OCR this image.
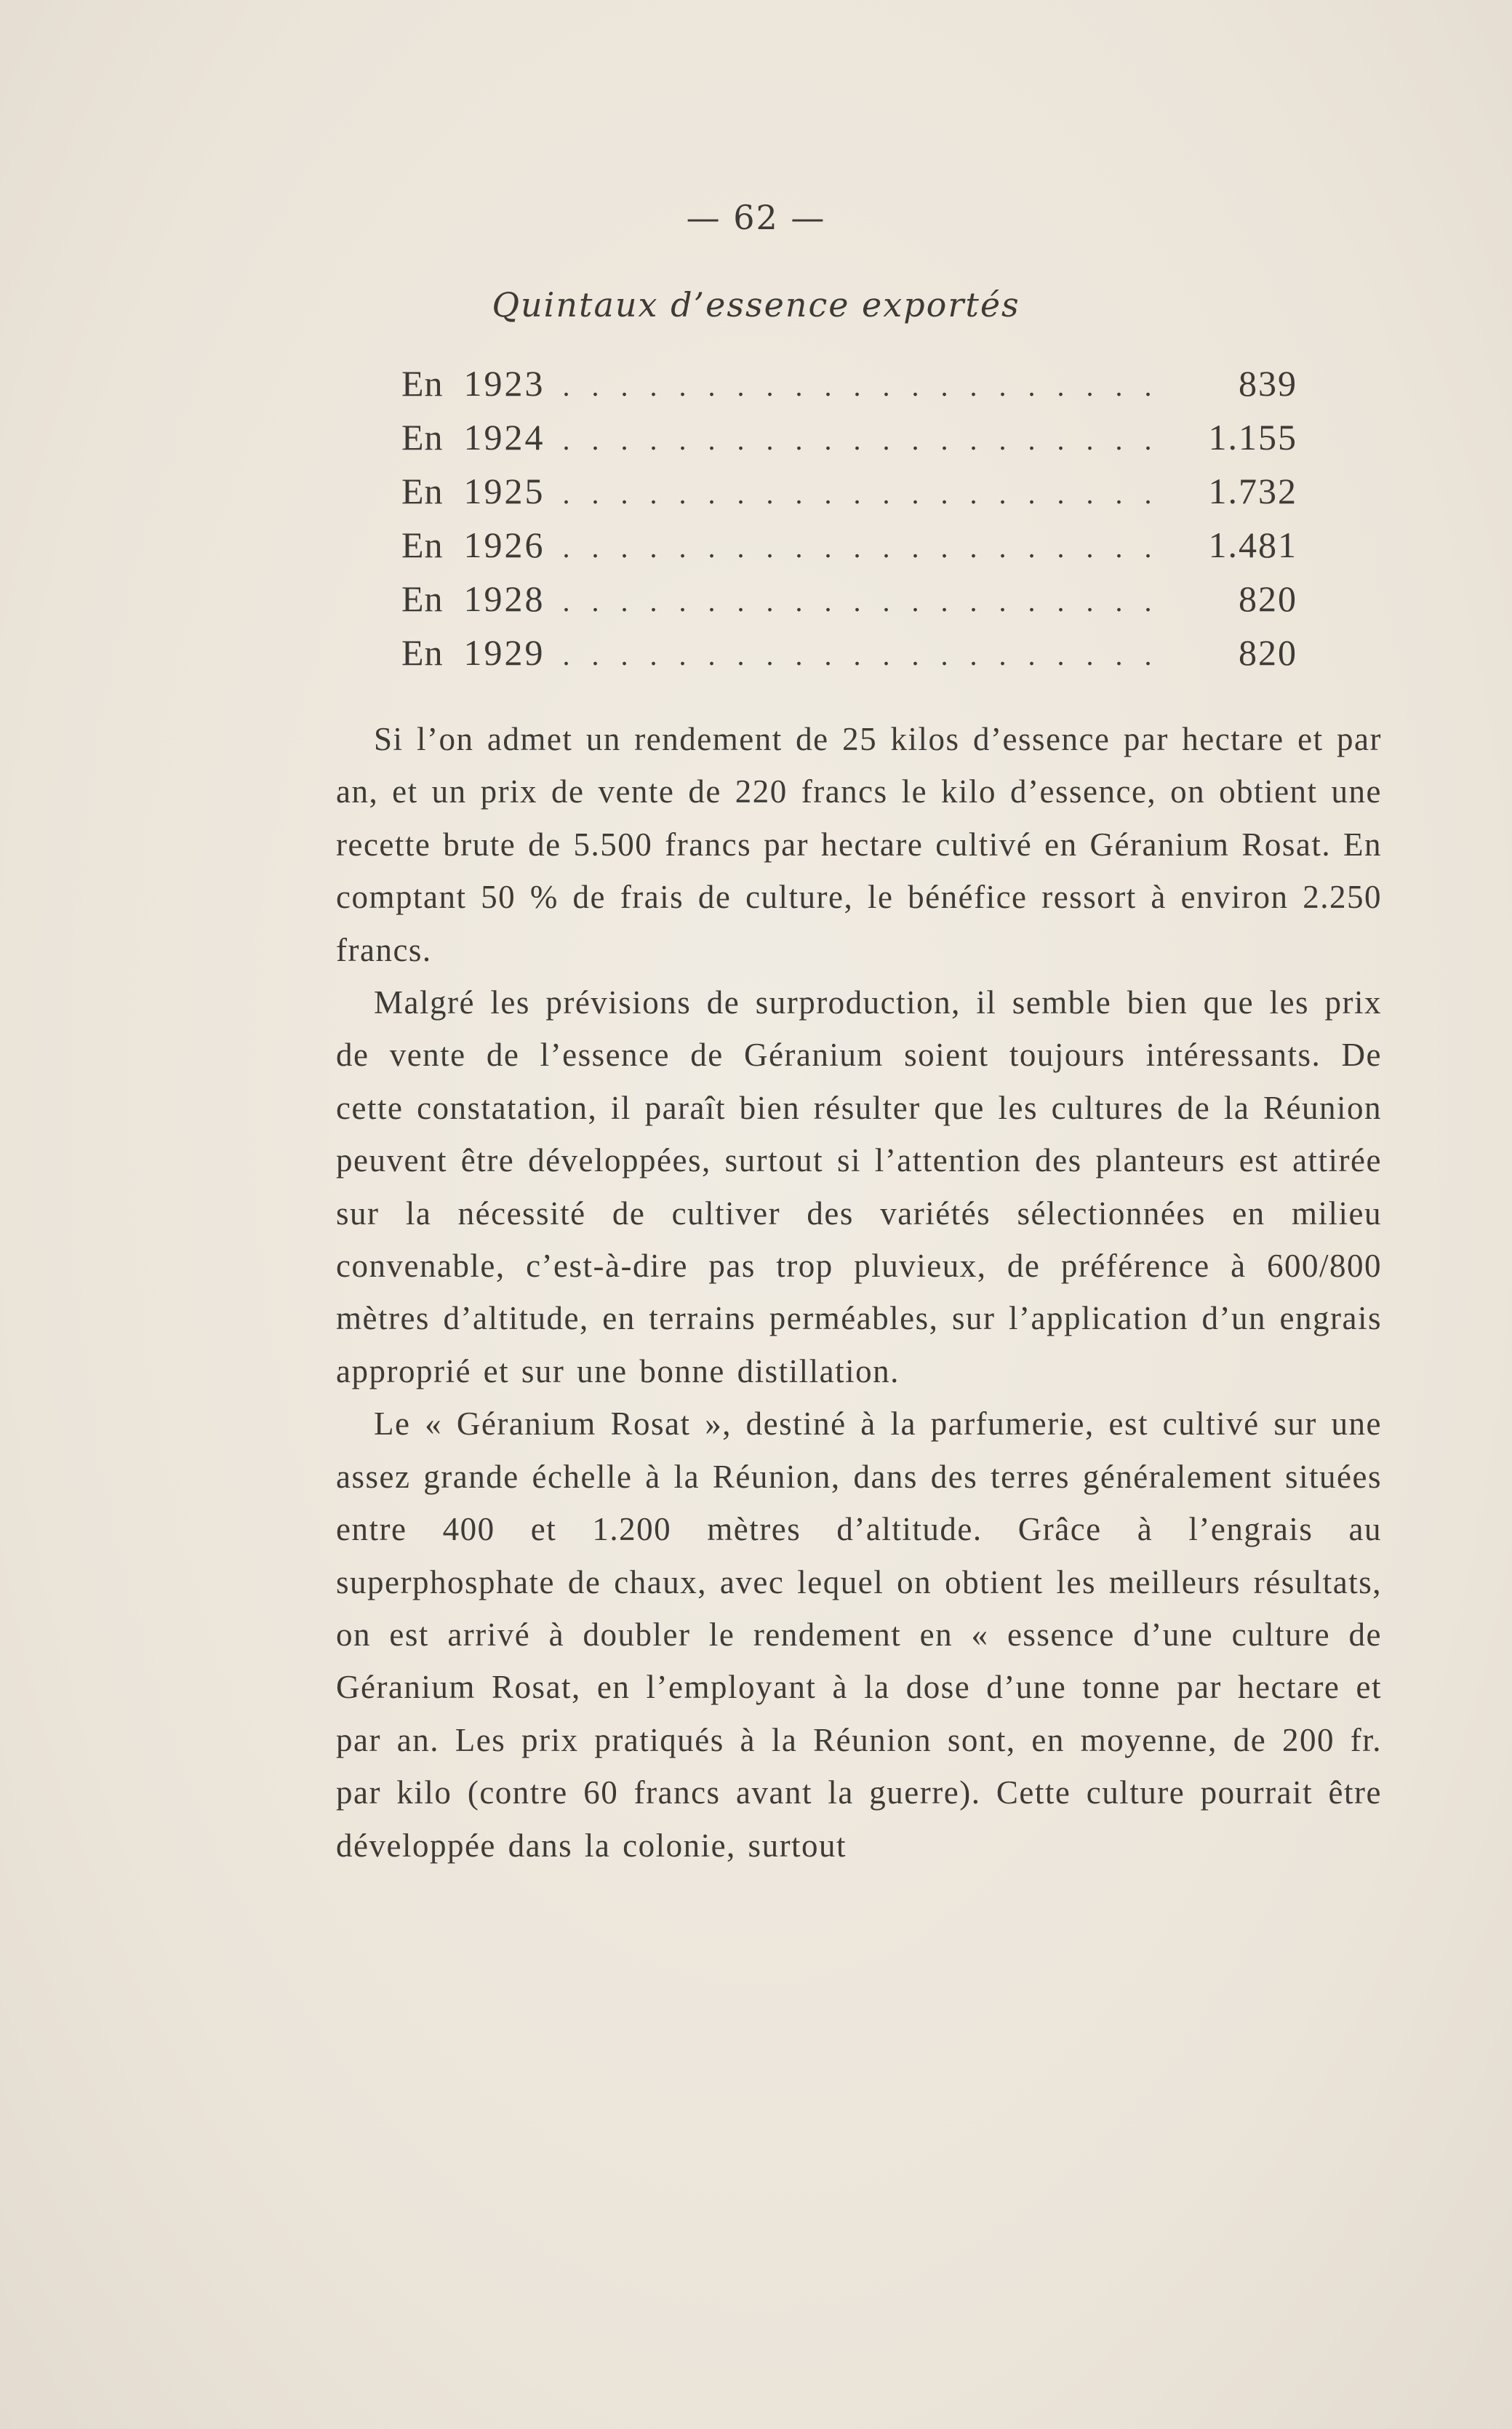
— 62 —
Quintaux d’essence exportés
En 1923 . . .	839
En 1924 . . .	1.155
En 1925 . . .	1.732
En 1926 . . .	1.481
En 1928 . . .	820
En 1929 . . .	820

Si l’on admet un rendement de 25 kilos d’essence par hectare et par an, et un prix de vente de 220 francs le kilo d’essence, on obtient une recette brute de 5.500 francs par hectare cultivé en Géranium Rosat. En comptant 50 % de frais de culture, le bénéfice ressort à environ 2.250 francs.

Malgré les prévisions de surproduction, il semble bien que les prix de vente de l’essence de Géranium soient toujours intéressants. De cette constatation, il paraît bien résulter que les cultures de la Réunion peuvent être développées, surtout si l’attention des planteurs est attirée sur la nécessité de cultiver des variétés sélectionnées en milieu convenable, c’est-à-dire pas trop pluvieux, de préférence à 600/800 mètres d’altitude, en terrains perméables, sur l’application d’un engrais approprié et sur une bonne distillation.

Le « Géranium Rosat », destiné à la parfumerie, est cultivé sur une assez grande échelle à la Réunion, dans des terres généralement situées entre 400 et 1.200 mètres d’altitude. Grâce à l’engrais au superphosphate de chaux, avec lequel on obtient les meilleurs résultats, on est arrivé à doubler le rendement en « essence d’une culture de Géranium Rosat, en l’employant à la dose d’une tonne par hectare et par an. Les prix pratiqués à la Réunion sont, en moyenne, de 200 fr. par kilo (contre 60 francs avant la guerre). Cette culture pourrait être développée dans la colonie, surtout
